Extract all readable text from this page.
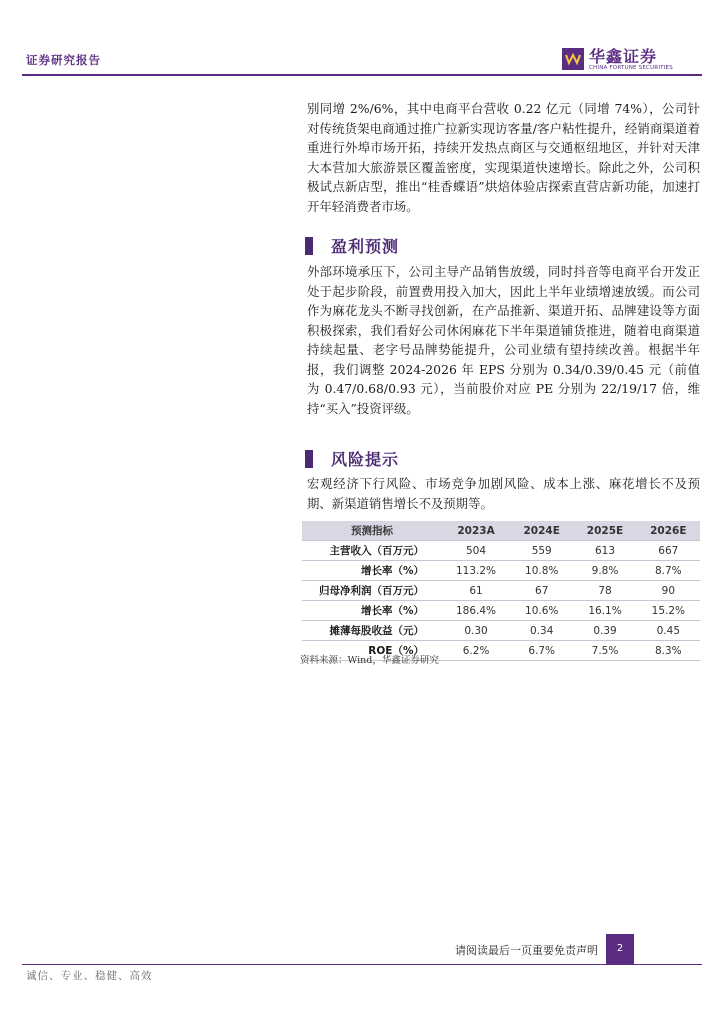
证券研究报告	华鑫证券
CHINA FORTUNE SECURITIES

别同增 2%/6%，其中电商平台营收 0.22 亿元（同增 74%），公司针对传统货架电商通过推广拉新实现访客量/客户粘性提升，经销商渠道着重进行外埠市场开拓，持续开发热点商区与交通枢纽地区，并针对天津大本营加大旅游景区覆盖密度，实现渠道快速增长。除此之外，公司积极试点新店型，推出“桂香蝶语”烘焙体验店探索直营店新功能，加速打开年轻消费者市场。

盈利预测

外部环境承压下，公司主导产品销售放缓，同时抖音等电商平台开发正处于起步阶段，前置费用投入加大，因此上半年业绩增速放缓。而公司作为麻花龙头不断寻找创新，在产品推新、渠道开拓、品牌建设等方面积极探索，我们看好公司休闲麻花下半年渠道铺货推进，随着电商渠道持续起量、老字号品牌势能提升，公司业绩有望持续改善。根据半年报，我们调整 2024-2026 年 EPS 分别为 0.34/0.39/0.45 元（前值为 0.47/0.68/0.93 元），当前股价对应 PE 分别为 22/19/17 倍，维持“买入”投资评级。

风险提示

宏观经济下行风险、市场竞争加剧风险、成本上涨、麻花增长不及预期、新渠道销售增长不及预期等。

预测指标	2023A	2024E	2025E	2026E
主营收入（百万元）	504	559	613	667
增长率（%）	113.2%	10.8%	9.8%	8.7%
归母净利润（百万元）	61	67	78	90
增长率（%）	186.4%	10.6%	16.1%	15.2%
摊薄每股收益（元）	0.30	0.34	0.39	0.45
ROE（%）	6.2%	6.7%	7.5%	8.3%
资料来源：Wind，华鑫证券研究
2
请阅读最后一页重要免责声明
诚信、专业、稳健、高效
